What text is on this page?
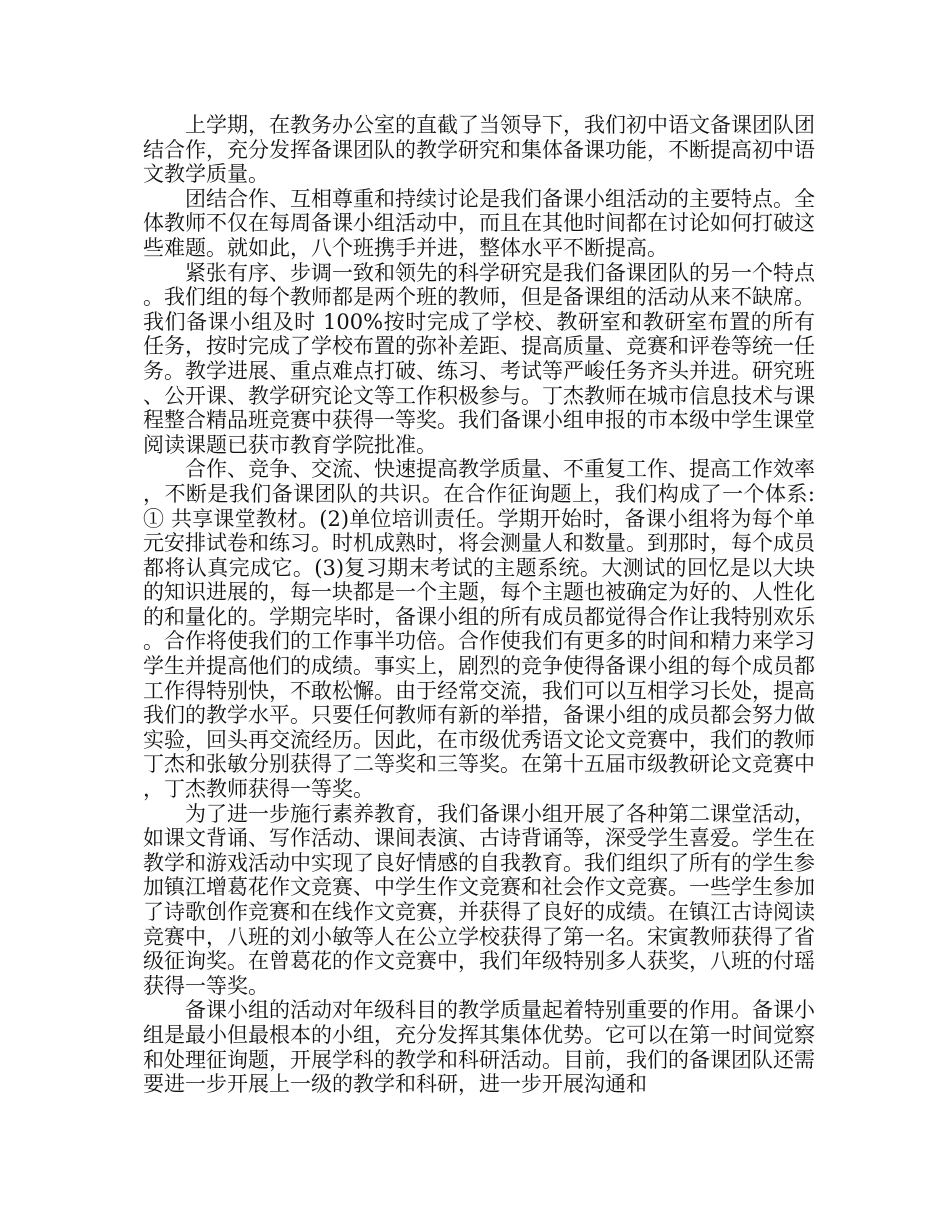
上学期，在教务办公室的直截了当领导下，我们初中语文备课团队团结合作，充分发挥备课团队的教学研究和集体备课功能，不断提高初中语文教学质量。

团结合作、互相尊重和持续讨论是我们备课小组活动的主要特点。全体教师不仅在每周备课小组活动中，而且在其他时间都在讨论如何打破这些难题。就如此，八个班携手并进，整体水平不断提高。

紧张有序、步调一致和领先的科学研究是我们备课团队的另一个特点。我们组的每个教师都是两个班的教师，但是备课组的活动从来不缺席。我们备课小组及时 100%按时完成了学校、教研室和教研室布置的所有任务，按时完成了学校布置的弥补差距、提高质量、竞赛和评卷等统一任务。教学进展、重点难点打破、练习、考试等严峻任务齐头并进。研究班、公开课、教学研究论文等工作积极参与。丁杰教师在城市信息技术与课程整合精品班竞赛中获得一等奖。我们备课小组申报的市本级中学生课堂阅读课题已获市教育学院批准。

合作、竞争、交流、快速提高教学质量、不重复工作、提高工作效率，不断是我们备课团队的共识。在合作征询题上，我们构成了一个体系:① 共享课堂教材。(2)单位培训责任。学期开始时，备课小组将为每个单元安排试卷和练习。时机成熟时，将会测量人和数量。到那时，每个成员都将认真完成它。(3)复习期末考试的主题系统。大测试的回忆是以大块的知识进展的，每一块都是一个主题，每个主题也被确定为好的、人性化的和量化的。学期完毕时，备课小组的所有成员都觉得合作让我特别欢乐。合作将使我们的工作事半功倍。合作使我们有更多的时间和精力来学习学生并提高他们的成绩。事实上，剧烈的竞争使得备课小组的每个成员都工作得特别快，不敢松懈。由于经常交流，我们可以互相学习长处，提高我们的教学水平。只要任何教师有新的举措，备课小组的成员都会努力做实验，回头再交流经历。因此，在市级优秀语文论文竞赛中，我们的教师丁杰和张敏分别获得了二等奖和三等奖。在第十五届市级教研论文竞赛中，丁杰教师获得一等奖。

为了进一步施行素养教育，我们备课小组开展了各种第二课堂活动，如课文背诵、写作活动、课间表演、古诗背诵等，深受学生喜爱。学生在教学和游戏活动中实现了良好情感的自我教育。我们组织了所有的学生参加镇江增葛花作文竞赛、中学生作文竞赛和社会作文竞赛。一些学生参加了诗歌创作竞赛和在线作文竞赛，并获得了良好的成绩。在镇江古诗阅读竞赛中，八班的刘小敏等人在公立学校获得了第一名。宋寅教师获得了省级征询奖。在曾葛花的作文竞赛中，我们年级特别多人获奖，八班的付瑶获得一等奖。

备课小组的活动对年级科目的教学质量起着特别重要的作用。备课小组是最小但最根本的小组，充分发挥其集体优势。它可以在第一时间觉察和处理征询题，开展学科的教学和科研活动。目前，我们的备课团队还需要进一步开展上一级的教学和科研，进一步开展沟通和
